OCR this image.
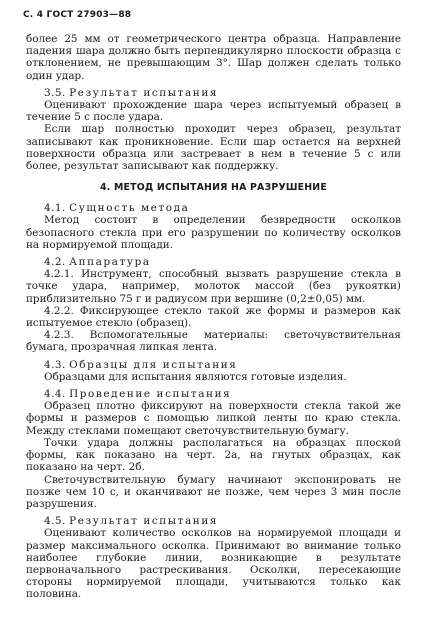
С. 4 ГОСТ 27903—88

более 25 мм от геометрического центра образца. Направление падения шара должно быть перпендикулярно плоскости образца с отклонением, не превышающим 3°. Шар должен сделать только один удар.

3.5. Результат испытания

Оценивают прохождение шара через испытуемый образец в течение 5 с после удара.

Если шар полностью проходит через образец, результат записывают как проникновение. Если шар остается на верхней поверхности образца или застревает в нем в течение 5 с или более, результат записывают как поддержку.

4. МЕТОД ИСПЫТАНИЯ НА РАЗРУШЕНИЕ
4.1. Сущность метода

Метод состоит в определении безвредности осколков безопасного стекла при его разрушении по количеству осколков на нормируемой площади.

4.2. Аппаратура

4.2.1. Инструмент, способный вызвать разрушение стекла в точке удара, например, молоток массой (без рукоятки) приблизительно 75 г и радиусом при вершине (0,2±0,05) мм.

4.2.2. Фиксирующее стекло такой же формы и размеров как испытуемое стекло (образец).

4.2.3. Вспомогательные материалы: светочувствительная бумага, прозрачная липкая лента.

4.3. Образцы для испытания

Образцами для испытания являются готовые изделия.

4.4. Проведение испытания

Образец плотно фиксируют на поверхности стекла такой же формы и размеров с помощью липкой ленты по краю стекла. Между стеклами помещают светочувствительную бумагу.

Точки удара должны располагаться на образцах плоской формы, как показано на черт. 2а, на гнутых образцах, как показано на черт. 2б.

Светочувствительную бумагу начинают экспонировать не позже чем 10 с, и оканчивают не позже, чем через 3 мин после разрушения.

4.5. Результат испытания

Оценивают количество осколков на нормируемой площади и размер максимального осколка. Принимают во внимание только наиболее глубокие линии, возникающие в результате первоначального растрескивания. Осколки, пересекающие стороны нормируемой площади, учитываются только как половина.
